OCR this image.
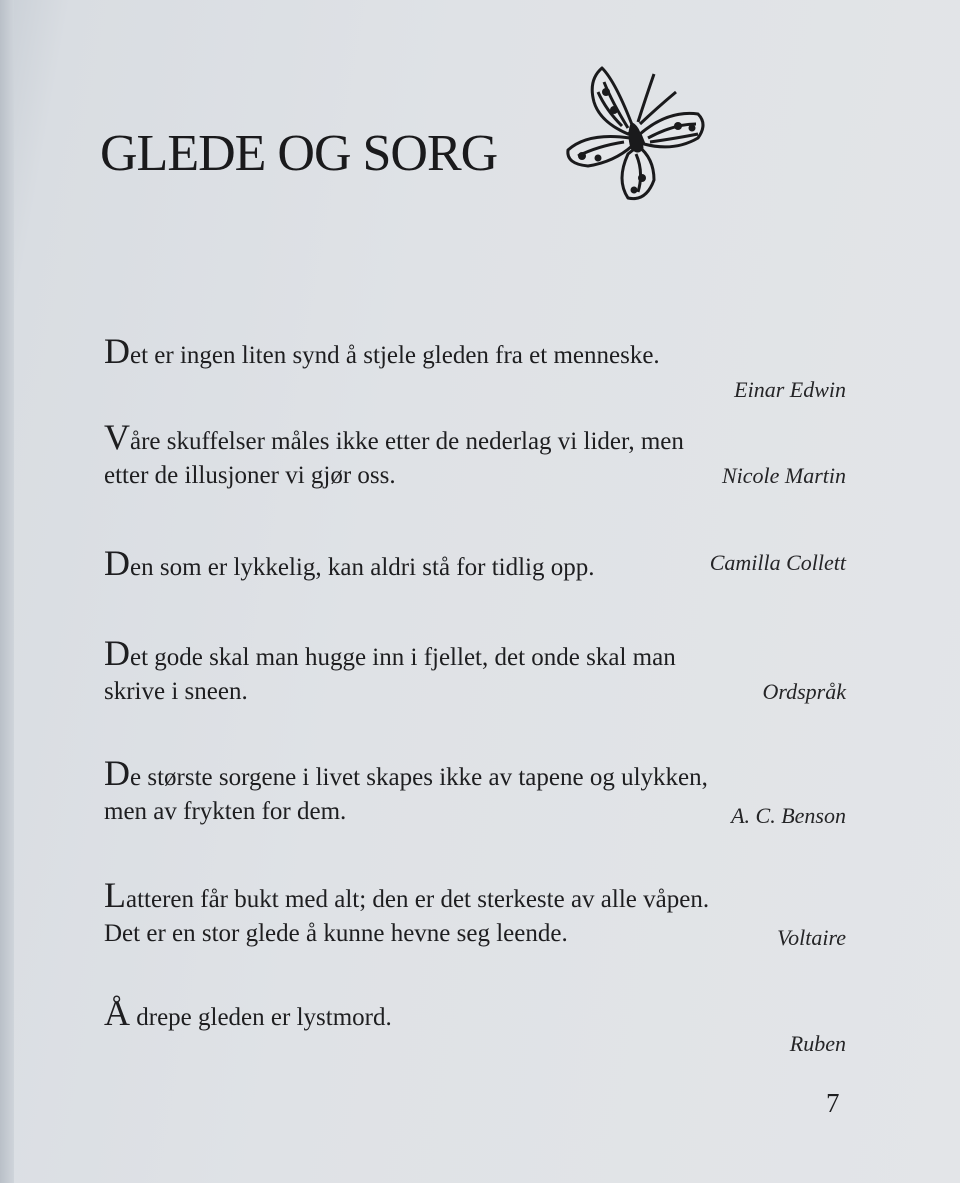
GLEDE OG SORG
Det er ingen liten synd å stjele gleden fra et menneske.
Einar Edwin
Våre skuffelser måles ikke etter de nederlag vi lider, men
etter de illusjoner vi gjør oss.	Nicole Martin
Den som er lykkelig, kan aldri stå for tidlig opp.	Camilla Collett
Det gode skal man hugge inn i fjellet, det onde skal man
skrive i sneen.	Ordspråk
De største sorgene i livet skapes ikke av tapene og ulykken,
men av frykten for dem.	A. C. Benson
Latteren får bukt med alt; den er det sterkeste av alle våpen.
Det er en stor glede å kunne hevne seg leende.	Voltaire
Å drepe gleden er lystmord.
Ruben
7
